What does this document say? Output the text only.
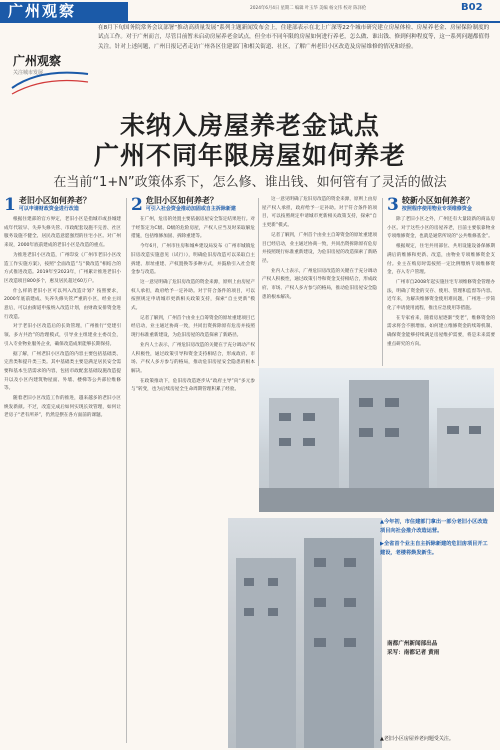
广州观察	2024年6月4日 星期二 编辑 叶玉华 美编 杨文伟 校对 陈泽伦	B02
广州观察
关注城市发展
在8月下旬国务院常务会议部署“推动高质量发展”系列主题新闻发布会上，住建部表示在北上广深等22个城市研究建立房屋体检、房屋养老金、房屋保险制度的试点工作。对于广州而言，尽管目前暂未启动房屋养老金试点，但全市不同年限的房屋如何进行养老，怎么做、谁出钱、修到何种程度等，这一系列问题都值得关注。针对上述问题，广州日报记者走访广州各区住建部门和相关街道、社区，了解广州老旧小区改造及房屋维修的情况和经验。
未纳入房屋养老金试点
广州不同年限房屋如何养老
在当前“1+N”政策体系下，怎么修、谁出钱、如何管有了灵活的做法
1 老旧小区如何养老？
可以申请财政资金进行改造

根据住建部的官方界定，老旧小区是指城市或县城建成年代较早、失养失修失管、市政配套设施不完善、社区服务设施不健全、居民改造意愿强烈的住宅小区。对广州来说，2000年底前建成的老旧小区是改造的重点。

为推进老旧小区改造，广州印发《广州市老旧小区改造工作实施方案》，按照“全面改造”与“微改造”相结合的方式推进改造。2019年至2023年，广州累计推进老旧小区改造项目800多个，惠及居民超过60万户。

什么样的老旧小区可以列入改造计划？按照要求，2000年底前建成、失养失修失管严重的小区，经业主同意后，可以由街道申报纳入改造计划，由财政安排资金进行改造。

对于老旧小区改造后的长效管理，广州推行“党建引领、多方共治”的治理模式，引导业主组建业主委员会，引入专业物业服务企业，确保改造成果能够长期保持。

据了解，广州老旧小区改造的内容主要包括基础类、完善类和提升类三类。其中基础类主要是满足居民安全需要和基本生活需求的内容，包括市政配套基础设施改造提升以及小区内建筑物屋面、外墙、楼梯等公共部位维修等。

随着老旧小区改造工作的推进，越来越多的老旧小区焕发新颜。不过，改造完成后如何实现长效管理，如何让老房子“老有所养”，仍然是摆在各方面前的课题。

2 危旧小区如何养老？
可引入社会资金推动加固或自主拆除新建

在广州，危房的处置主要依据房屋安全鉴定结果进行。对于经鉴定为C级、D级的危险房屋，产权人应当及时采取解危措施，包括维修加固、拆除重建等。

今年6月，广州市住房和城乡建设局发布《广州市城镇危旧房改造实施意见（试行）》，明确危旧房改造可以采取自主拆建、原址重建、产权置换等多种方式，并鼓励引入社会资金参与改造。

这一意见明确了危旧房改造的资金来源，原则上由房屋产权人承担，政府给予一定补助。对于符合条件的项目，可以按照规定申请城市更新相关政策支持，探索“自主更新”模式。

记者了解到，广州首个由业主自筹资金的原址重建项目已经启动，业主通过协商一致，共同出资拆除原有危房并按照现行标准重新建设，为危旧房屋的改造探索了新路径。

业内人士表示，广州危旧房改造的关键在于充分调动产权人积极性，通过政策引导和资金支持相结合，形成政府、市场、产权人多方参与的格局，推动危旧房屋安全隐患的根本解决。

在政策推动下，危旧房改造逐步从“政府主导”向“多元参与”转变，也为后续房屋全生命周期管理积累了经验。

这一意见明确了危旧房改造的资金来源，原则上由房屋产权人承担，政府给予一定补助。对于符合条件的项目，可以按照规定申请城市更新相关政策支持，探索“自主更新”模式。

记者了解到，广州首个由业主自筹资金的原址重建项目已经启动，业主通过协商一致，共同出资拆除原有危房并按照现行标准重新建设，为危旧房屋的改造探索了新路径。

业内人士表示，广州危旧房改造的关键在于充分调动产权人积极性，通过政策引导和资金支持相结合，形成政府、市场、产权人多方参与的格局，推动危旧房屋安全隐患的根本解决。

3 较新小区如何养老？
按照程序使用物业专项维修资金

除了老旧小区之外，广州还有大量较新的商品房小区。对于这些小区的房屋养老，目前主要依靠物业专项维修资金，也就是通常所说的“公共维修基金”。

根据规定，住宅共用部位、共用设施设备保修期满后的维修和更新、改造，由物业专项维修资金支付。业主在购房时需按照一定比例缴纳专项维修资金，存入专户管理。

广州市自2008年起实施住宅专项维修资金管理办法，明确了资金的交存、使用、管理和监督等内容。近年来，为解决维修资金使用难问题，广州进一步简化了申请使用流程，推出应急使用等措施。

在专家看来，随着房屋逐渐“变老”，维修资金的需求将会不断增加。如何建立维修资金的续筹机制、确保资金能够持续满足房屋维护需要，将是未来需要重点研究的方向。

▲今年初，市住建部门拿出一部分老旧小区改造项目向社会推介改造运营。
▶全省首个业主自主拆除新建的危旧房项目开工建设，老楼将焕发新生。
南都广州新闻部出品
采写：南都记者 黄雨
▲老旧小区房屋养老问题受关注。
